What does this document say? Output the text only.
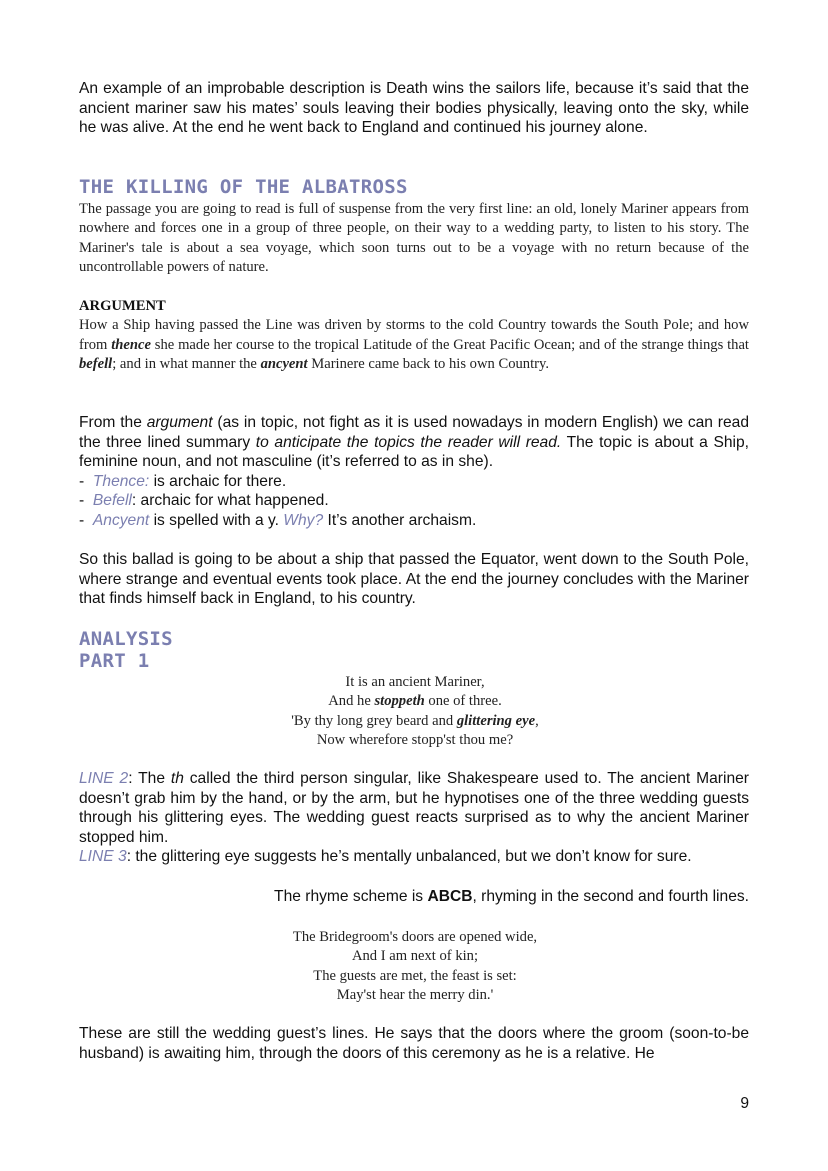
An example of an improbable description is Death wins the sailors life, because it’s said that the ancient mariner saw his mates’ souls leaving their bodies physically, leaving onto the sky, while he was alive. At the end he went back to England and continued his journey alone.

THE KILLING OF THE ALBATROSS

The passage you are going to read is full of suspense from the very first line: an old, lonely Mariner appears from nowhere and forces one in a group of three people, on their way to a wedding party, to listen to his story. The Mariner's tale is about a sea voyage, which soon turns out to be a voyage with no return because of the uncontrollable powers of nature.

ARGUMENT

How a Ship having passed the Line was driven by storms to the cold Country towards the South Pole; and how from thence she made her course to the tropical Latitude of the Great Pacific Ocean; and of the strange things that befell; and in what manner the ancyent Marinere came back to his own Country.

From the argument (as in topic, not fight as it is used nowadays in modern English) we can read the three lined summary to anticipate the topics the reader will read. The topic is about a Ship, feminine noun, and not masculine (it’s referred to as in she).

- Thence: is archaic for there.
- Befell: archaic for what happened.
- Ancyent is spelled with a y. Why? It’s another archaism.

So this ballad is going to be about a ship that passed the Equator, went down to the South Pole, where strange and eventual events took place. At the end the journey concludes with the Mariner that finds himself back in England, to his country.

ANALYSIS
PART 1
It is an ancient Mariner,
And he stoppeth one of three.
'By thy long grey beard and glittering eye,
Now wherefore stopp'st thou me?

LINE 2: The th called the third person singular, like Shakespeare used to. The ancient Mariner doesn’t grab him by the hand, or by the arm, but he hypnotises one of the three wedding guests through his glittering eyes. The wedding guest reacts surprised as to why the ancient Mariner stopped him.

LINE 3: the glittering eye suggests he’s mentally unbalanced, but we don’t know for sure.

The rhyme scheme is ABCB, rhyming in the second and fourth lines.

The Bridegroom's doors are opened wide,
And I am next of kin;
The guests are met, the feast is set:
May'st hear the merry din.'

These are still the wedding guest’s lines. He says that the doors where the groom (soon-to-be husband) is awaiting him, through the doors of this ceremony as he is a relative. He

9
